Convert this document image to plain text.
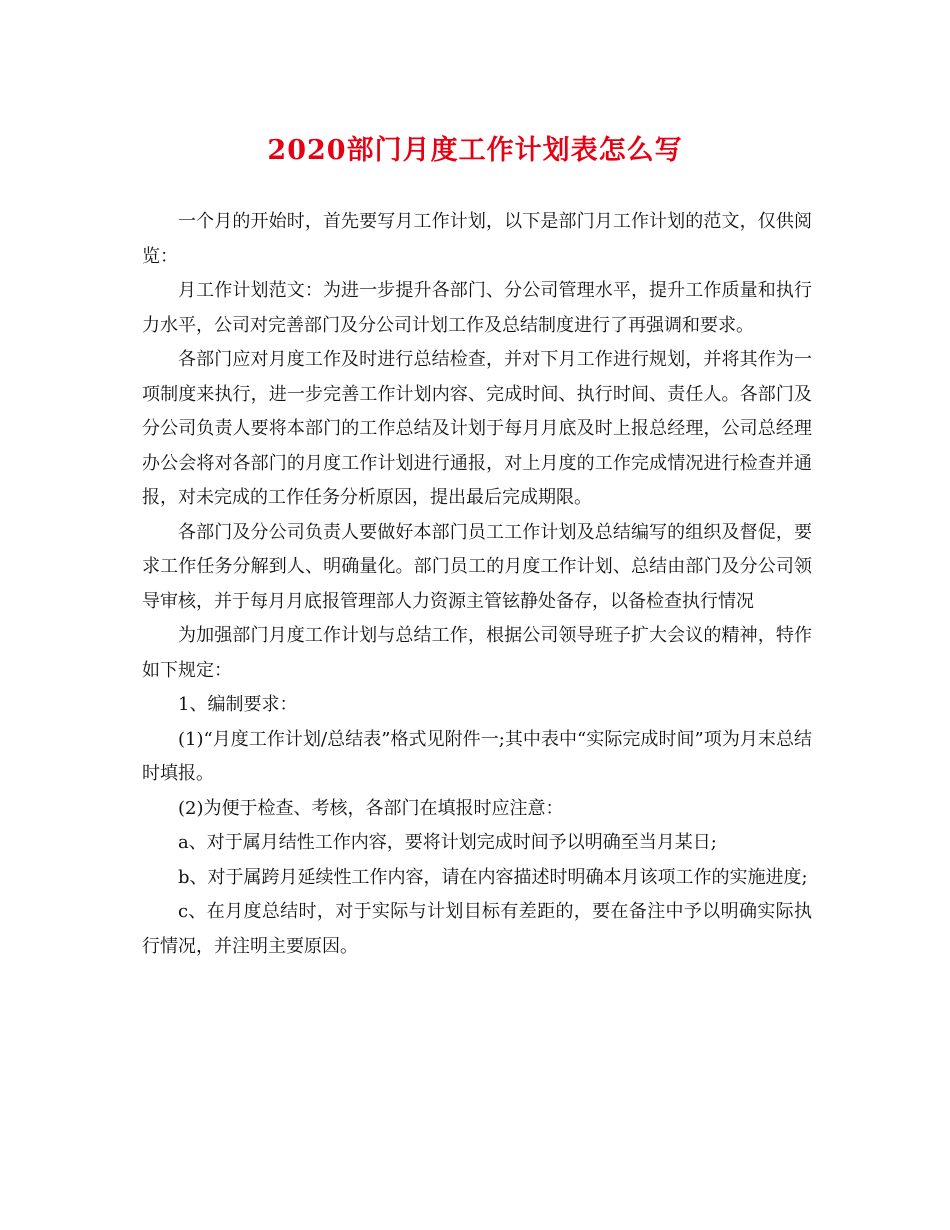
2020部门月度工作计划表怎么写

一个月的开始时，首先要写月工作计划，以下是部门月工作计划的范文，仅供阅览：

月工作计划范文：为进一步提升各部门、分公司管理水平，提升工作质量和执行力水平，公司对完善部门及分公司计划工作及总结制度进行了再强调和要求。

各部门应对月度工作及时进行总结检查，并对下月工作进行规划，并将其作为一项制度来执行，进一步完善工作计划内容、完成时间、执行时间、责任人。各部门及分公司负责人要将本部门的工作总结及计划于每月月底及时上报总经理，公司总经理办公会将对各部门的月度工作计划进行通报，对上月度的工作完成情况进行检查并通报，对未完成的工作任务分析原因，提出最后完成期限。

各部门及分公司负责人要做好本部门员工工作计划及总结编写的组织及督促，要求工作任务分解到人、明确量化。部门员工的月度工作计划、总结由部门及分公司领导审核，并于每月月底报管理部人力资源主管铉静处备存，以备检查执行情况

为加强部门月度工作计划与总结工作，根据公司领导班子扩大会议的精神，特作如下规定：

1、编制要求：

(1)“月度工作计划/总结表”格式见附件一;其中表中“实际完成时间”项为月末总结时填报。

(2)为便于检查、考核，各部门在填报时应注意：

a、对于属月结性工作内容，要将计划完成时间予以明确至当月某日;

b、对于属跨月延续性工作内容，请在内容描述时明确本月该项工作的实施进度;

c、在月度总结时，对于实际与计划目标有差距的，要在备注中予以明确实际执行情况，并注明主要原因。
